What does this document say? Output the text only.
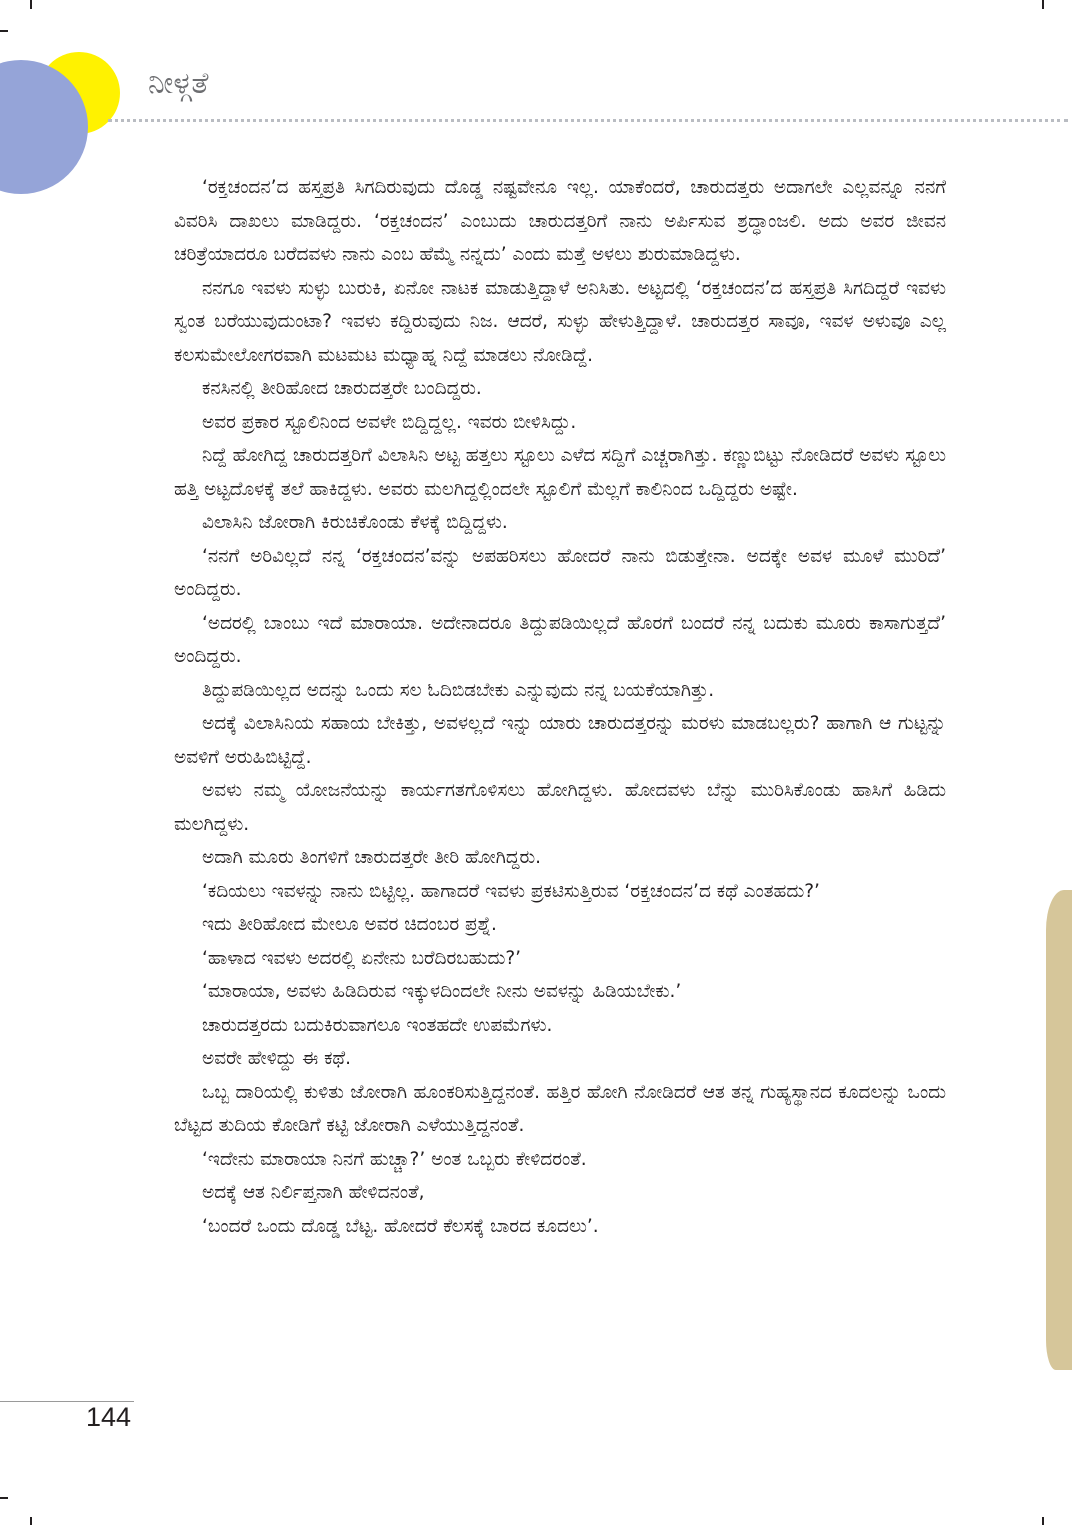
ನೀಳ್ಗತೆ

‘ರಕ್ತಚಂದನ’ದ ಹಸ್ತಪ್ರತಿ ಸಿಗದಿರುವುದು ದೊಡ್ಡ ನಷ್ಟವೇನೂ ಇಲ್ಲ. ಯಾಕೆಂದರೆ, ಚಾರುದತ್ತರು ಅದಾಗಲೇ ಎಲ್ಲವನ್ನೂ ನನಗೆ ವಿವರಿಸಿ ದಾಖಲು ಮಾಡಿದ್ದರು. ‘ರಕ್ತಚಂದನ’ ಎಂಬುದು ಚಾರುದತ್ತರಿಗೆ ನಾನು ಅರ್ಪಿಸುವ ಶ್ರದ್ಧಾಂಜಲಿ. ಅದು ಅವರ ಜೀವನ ಚರಿತ್ರೆಯಾದರೂ ಬರೆದವಳು ನಾನು ಎಂಬ ಹೆಮ್ಮೆ ನನ್ನದು’ ಎಂದು ಮತ್ತೆ ಅಳಲು ಶುರುಮಾಡಿದ್ದಳು.

ನನಗೂ ಇವಳು ಸುಳ್ಳು ಬುರುಕಿ, ಏನೋ ನಾಟಕ ಮಾಡುತ್ತಿದ್ದಾಳೆ ಅನಿಸಿತು. ಅಟ್ಟದಲ್ಲಿ ‘ರಕ್ತಚಂದನ’ದ ಹಸ್ತಪ್ರತಿ ಸಿಗದಿದ್ದರೆ ಇವಳು ಸ್ವಂತ ಬರೆಯುವುದುಂಟಾ? ಇವಳು ಕದ್ದಿರುವುದು ನಿಜ. ಆದರೆ, ಸುಳ್ಳು ಹೇಳುತ್ತಿದ್ದಾಳೆ. ಚಾರುದತ್ತರ ಸಾವೂ, ಇವಳ ಅಳುವೂ ಎಲ್ಲ ಕಲಸುಮೇಲೋಗರವಾಗಿ ಮಟಮಟ ಮಧ್ಯಾಹ್ನ ನಿದ್ದೆ ಮಾಡಲು ನೋಡಿದ್ದೆ.

ಕನಸಿನಲ್ಲಿ ತೀರಿಹೋದ ಚಾರುದತ್ತರೇ ಬಂದಿದ್ದರು.

ಅವರ ಪ್ರಕಾರ ಸ್ಟೂಲಿನಿಂದ ಅವಳೇ ಬಿದ್ದಿದ್ದಲ್ಲ. ಇವರು ಬೀಳಿಸಿದ್ದು.

ನಿದ್ದೆ ಹೋಗಿದ್ದ ಚಾರುದತ್ತರಿಗೆ ವಿಲಾಸಿನಿ ಅಟ್ಟ ಹತ್ತಲು ಸ್ಟೂಲು ಎಳೆದ ಸದ್ದಿಗೆ ಎಚ್ಚರಾಗಿತ್ತು. ಕಣ್ಣುಬಿಟ್ಟು ನೋಡಿದರೆ ಅವಳು ಸ್ಟೂಲು ಹತ್ತಿ ಅಟ್ಟದೊಳಕ್ಕೆ ತಲೆ ಹಾಕಿದ್ದಳು. ಅವರು ಮಲಗಿದ್ದಲ್ಲಿಂದಲೇ ಸ್ಟೂಲಿಗೆ ಮೆಲ್ಲಗೆ ಕಾಲಿನಿಂದ ಒದ್ದಿದ್ದರು ಅಷ್ಟೇ.

ವಿಲಾಸಿನಿ ಜೋರಾಗಿ ಕಿರುಚಿಕೊಂಡು ಕೆಳಕ್ಕೆ ಬಿದ್ದಿದ್ದಳು.

‘ನನಗೆ ಅರಿವಿಲ್ಲದೆ ನನ್ನ ‘ರಕ್ತಚಂದನ’ವನ್ನು ಅಪಹರಿಸಲು ಹೋದರೆ ನಾನು ಬಿಡುತ್ತೇನಾ. ಅದಕ್ಕೇ ಅವಳ ಮೂಳೆ ಮುರಿದೆ’ ಅಂದಿದ್ದರು.

‘ಅದರಲ್ಲಿ ಬಾಂಬು ಇದೆ ಮಾರಾಯಾ. ಅದೇನಾದರೂ ತಿದ್ದುಪಡಿಯಿಲ್ಲದೆ ಹೊರಗೆ ಬಂದರೆ ನನ್ನ ಬದುಕು ಮೂರು ಕಾಸಾಗುತ್ತದೆ’ ಅಂದಿದ್ದರು.

ತಿದ್ದುಪಡಿಯಿಲ್ಲದ ಅದನ್ನು ಒಂದು ಸಲ ಓದಿಬಿಡಬೇಕು ಎನ್ನುವುದು ನನ್ನ ಬಯಕೆಯಾಗಿತ್ತು.

ಅದಕ್ಕೆ ವಿಲಾಸಿನಿಯ ಸಹಾಯ ಬೇಕಿತ್ತು, ಅವಳಲ್ಲದೆ ಇನ್ನು ಯಾರು ಚಾರುದತ್ತರನ್ನು ಮರಳು ಮಾಡಬಲ್ಲರು? ಹಾಗಾಗಿ ಆ ಗುಟ್ಟನ್ನು ಅವಳಿಗೆ ಅರುಹಿಬಿಟ್ಟಿದ್ದೆ.

ಅವಳು ನಮ್ಮ ಯೋಜನೆಯನ್ನು ಕಾರ್ಯಗತಗೊಳಿಸಲು ಹೋಗಿದ್ದಳು. ಹೋದವಳು ಬೆನ್ನು ಮುರಿಸಿಕೊಂಡು ಹಾಸಿಗೆ ಹಿಡಿದು ಮಲಗಿದ್ದಳು.

ಅದಾಗಿ ಮೂರು ತಿಂಗಳಿಗೆ ಚಾರುದತ್ತರೇ ತೀರಿ ಹೋಗಿದ್ದರು.

‘ಕದಿಯಲು ಇವಳನ್ನು ನಾನು ಬಿಟ್ಟಿಲ್ಲ. ಹಾಗಾದರೆ ಇವಳು ಪ್ರಕಟಿಸುತ್ತಿರುವ ‘ರಕ್ತಚಂದನ’ದ ಕಥೆ ಎಂತಹದು?’

ಇದು ತೀರಿಹೋದ ಮೇಲೂ ಅವರ ಚಿದಂಬರ ಪ್ರಶ್ನೆ.

‘ಹಾಳಾದ ಇವಳು ಅದರಲ್ಲಿ ಏನೇನು ಬರೆದಿರಬಹುದು?’

‘ಮಾರಾಯಾ, ಅವಳು ಹಿಡಿದಿರುವ ಇಕ್ಕುಳದಿಂದಲೇ ನೀನು ಅವಳನ್ನು ಹಿಡಿಯಬೇಕು.’

ಚಾರುದತ್ತರದು ಬದುಕಿರುವಾಗಲೂ ಇಂತಹದೇ ಉಪಮೆಗಳು.

ಅವರೇ ಹೇಳಿದ್ದು ಈ ಕಥೆ.

ಒಬ್ಬ ದಾರಿಯಲ್ಲಿ ಕುಳಿತು ಜೋರಾಗಿ ಹೂಂಕರಿಸುತ್ತಿದ್ದನಂತೆ. ಹತ್ತಿರ ಹೋಗಿ ನೋಡಿದರೆ ಆತ ತನ್ನ ಗುಹ್ಯಸ್ಥಾನದ ಕೂದಲನ್ನು ಒಂದು ಬೆಟ್ಟದ ತುದಿಯ ಕೋಡಿಗೆ ಕಟ್ಟಿ ಜೋರಾಗಿ ಎಳೆಯುತ್ತಿದ್ದನಂತೆ.

‘ಇದೇನು ಮಾರಾಯಾ ನಿನಗೆ ಹುಚ್ಚಾ?’ ಅಂತ ಒಬ್ಬರು ಕೇಳಿದರಂತೆ.

ಅದಕ್ಕೆ ಆತ ನಿರ್ಲಿಪ್ತನಾಗಿ ಹೇಳಿದನಂತೆ,

‘ಬಂದರೆ ಒಂದು ದೊಡ್ಡ ಬೆಟ್ಟ. ಹೋದರೆ ಕೆಲಸಕ್ಕೆ ಬಾರದ ಕೂದಲು’.

144
